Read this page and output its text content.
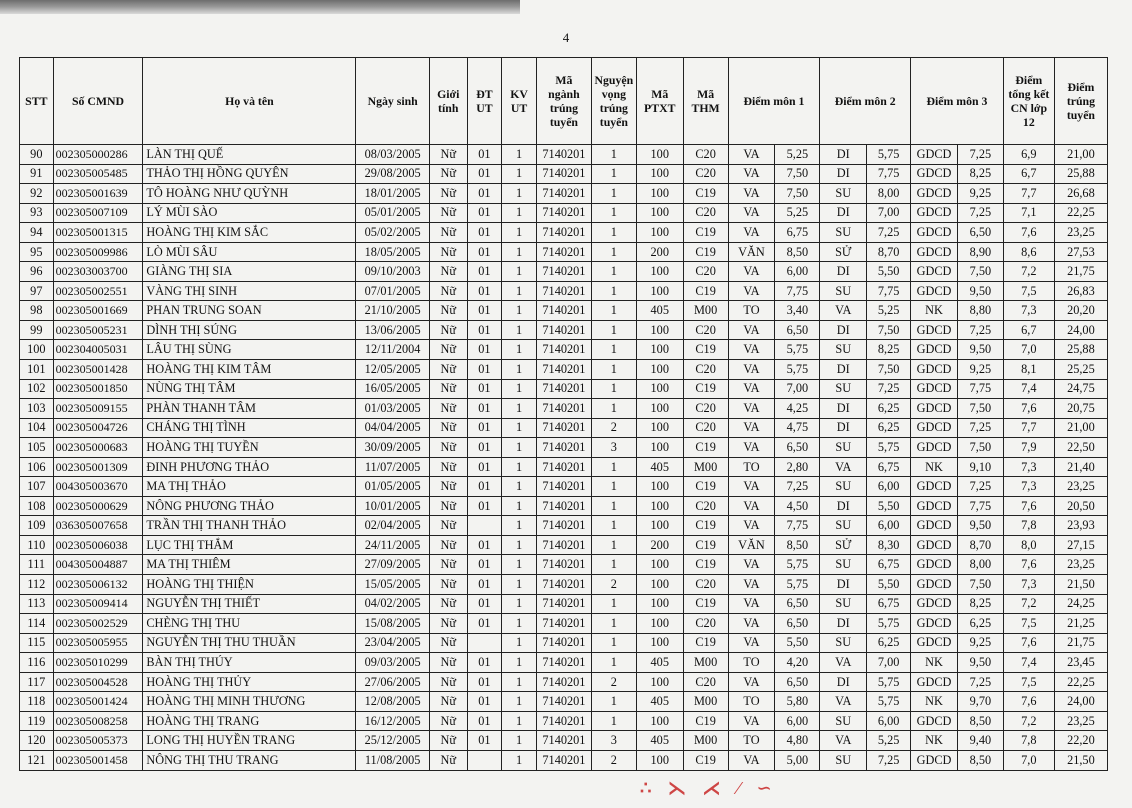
4
STT	Số CMND	Họ và tên	Ngày sinh	Giới tính	ĐT UT	KV UT	Mã ngành trúng tuyển	Nguyện vọng trúng tuyển	Mã PTXT	Mã THM	Điểm môn 1		Điểm môn 2		Điểm môn 3		Điểm tổng kết CN lớp 12	Điểm trúng tuyển
90	002305000286	LÀN THỊ QUẾ	08/03/2005	Nữ	01	1	7140201	1	100	C20	VA	5,25	DI	5,75	GDCD	7,25	6,9	21,00
91	002305005485	THẢO THỊ HỒNG QUYÊN	29/08/2005	Nữ	01	1	7140201	1	100	C20	VA	7,50	DI	7,75	GDCD	8,25	6,7	25,88
92	002305001639	TÔ HOÀNG NHƯ QUỲNH	18/01/2005	Nữ	01	1	7140201	1	100	C19	VA	7,50	SU	8,00	GDCD	9,25	7,7	26,68
93	002305007109	LÝ MÙI SÀO	05/01/2005	Nữ	01	1	7140201	1	100	C20	VA	5,25	DI	7,00	GDCD	7,25	7,1	22,25
94	002305001315	HOÀNG THỊ KIM SẮC	05/02/2005	Nữ	01	1	7140201	1	100	C19	VA	6,75	SU	7,25	GDCD	6,50	7,6	23,25
95	002305009986	LÒ MÙI SÂU	18/05/2005	Nữ	01	1	7140201	1	200	C19	VĂN	8,50	SỬ	8,70	GDCD	8,90	8,6	27,53
96	002303003700	GIÀNG THỊ SIA	09/10/2003	Nữ	01	1	7140201	1	100	C20	VA	6,00	DI	5,50	GDCD	7,50	7,2	21,75
97	002305002551	VÀNG THỊ SINH	07/01/2005	Nữ	01	1	7140201	1	100	C19	VA	7,75	SU	7,75	GDCD	9,50	7,5	26,83
98	002305001669	PHAN TRUNG SOAN	21/10/2005	Nữ	01	1	7140201	1	405	M00	TO	3,40	VA	5,25	NK	8,80	7,3	20,20
99	002305005231	DÌNH THỊ SÚNG	13/06/2005	Nữ	01	1	7140201	1	100	C20	VA	6,50	DI	7,50	GDCD	7,25	6,7	24,00
100	002304005031	LÂU THỊ SÙNG	12/11/2004	Nữ	01	1	7140201	1	100	C19	VA	5,75	SU	8,25	GDCD	9,50	7,0	25,88
101	002305001428	HOÀNG THỊ KIM TÂM	12/05/2005	Nữ	01	1	7140201	1	100	C20	VA	5,75	DI	7,50	GDCD	9,25	8,1	25,25
102	002305001850	NÙNG THỊ TÂM	16/05/2005	Nữ	01	1	7140201	1	100	C19	VA	7,00	SU	7,25	GDCD	7,75	7,4	24,75
103	002305009155	PHÀN THANH TÂM	01/03/2005	Nữ	01	1	7140201	1	100	C20	VA	4,25	DI	6,25	GDCD	7,50	7,6	20,75
104	002305004726	CHÁNG THỊ TÌNH	04/04/2005	Nữ	01	1	7140201	2	100	C20	VA	4,75	DI	6,25	GDCD	7,25	7,7	21,00
105	002305000683	HOÀNG THỊ TUYỀN	30/09/2005	Nữ	01	1	7140201	3	100	C19	VA	6,50	SU	5,75	GDCD	7,50	7,9	22,50
106	002305001309	ĐINH PHƯƠNG THẢO	11/07/2005	Nữ	01	1	7140201	1	405	M00	TO	2,80	VA	6,75	NK	9,10	7,3	21,40
107	004305003670	MA THỊ THẢO	01/05/2005	Nữ	01	1	7140201	1	100	C19	VA	7,25	SU	6,00	GDCD	7,25	7,3	23,25
108	002305000629	NÔNG PHƯƠNG THẢO	10/01/2005	Nữ	01	1	7140201	1	100	C20	VA	4,50	DI	5,50	GDCD	7,75	7,6	20,50
109	036305007658	TRẦN THỊ THANH THẢO	02/04/2005	Nữ		1	7140201	1	100	C19	VA	7,75	SU	6,00	GDCD	9,50	7,8	23,93
110	002305006038	LỤC THỊ THẮM	24/11/2005	Nữ	01	1	7140201	1	200	C19	VĂN	8,50	SỬ	8,30	GDCD	8,70	8,0	27,15
111	004305004887	MA THỊ THIÊM	27/09/2005	Nữ	01	1	7140201	1	100	C19	VA	5,75	SU	6,75	GDCD	8,00	7,6	23,25
112	002305006132	HOÀNG THỊ THIỆN	15/05/2005	Nữ	01	1	7140201	2	100	C20	VA	5,75	DI	5,50	GDCD	7,50	7,3	21,50
113	002305009414	NGUYỄN THỊ THIẾT	04/02/2005	Nữ	01	1	7140201	1	100	C19	VA	6,50	SU	6,75	GDCD	8,25	7,2	24,25
114	002305002529	CHÈNG THỊ THU	15/08/2005	Nữ	01	1	7140201	1	100	C20	VA	6,50	DI	5,75	GDCD	6,25	7,5	21,25
115	002305005955	NGUYỄN THỊ THU THUẦN	23/04/2005	Nữ		1	7140201	1	100	C19	VA	5,50	SU	6,25	GDCD	9,25	7,6	21,75
116	002305010299	BÀN THỊ THÚY	09/03/2005	Nữ	01	1	7140201	1	405	M00	TO	4,20	VA	7,00	NK	9,50	7,4	23,45
117	002305004528	HOÀNG THỊ THỦY	27/06/2005	Nữ	01	1	7140201	2	100	C20	VA	6,50	DI	5,75	GDCD	7,25	7,5	22,25
118	002305001424	HOÀNG THỊ MINH THƯƠNG	12/08/2005	Nữ	01	1	7140201	1	405	M00	TO	5,80	VA	5,75	NK	9,70	7,6	24,00
119	002305008258	HOÀNG THỊ TRANG	16/12/2005	Nữ	01	1	7140201	1	100	C19	VA	6,00	SU	6,00	GDCD	8,50	7,2	23,25
120	002305005373	LONG THỊ HUYỀN TRANG	25/12/2005	Nữ	01	1	7140201	3	405	M00	TO	4,80	VA	5,25	NK	9,40	7,8	22,20
121	002305001458	NÔNG THỊ THU TRANG	11/08/2005	Nữ		1	7140201	2	100	C19	VA	5,00	SU	7,25	GDCD	8,50	7,0	21,50
∴ ⋋ ⋌ ⁄ ∽
